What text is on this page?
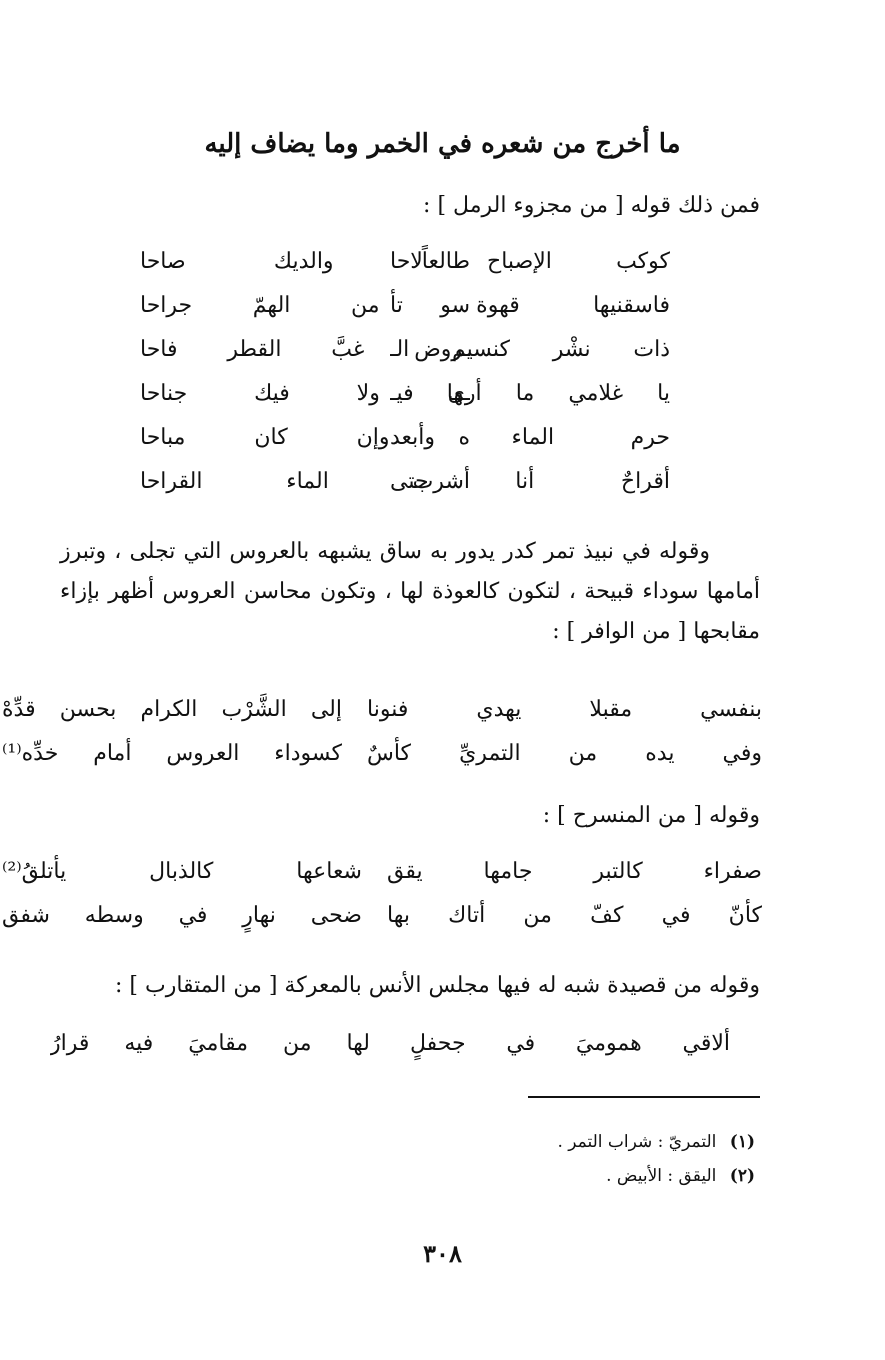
ما أخرج من شعره في الخمر وما يضاف إليه

فمن ذلك قوله [ من مجزوء الرمل ] :

كوكب الإصباح لاحا
طالعاً والديك صاحا
فاسقنيها قهوة تأ
سو من الهمّ جراحا
ذات نشْر كنسيم الـ
ـروض غبَّ القطر فاحا
يا غلامي ما أرى فيـ
ـها ولا فيك جناحا
حرم الماء وأبعد
ه وإن كان مباحا
أقراحٌ أنا حتى
أشرب الماء القراحا

وقوله في نبيذ تمر كدر يدور به ساق يشبهه بالعروس التي تجلى ، وتبرز أمامها سوداء قبيحة ، لتكون كالعوذة لها ، وتكون محاسن العروس أظهر بإزاء مقابحها [ من الوافر ] :

بنفسي مقبلا يهدي فنونا
إلى الشَّرْب الكرام بحسن قدِّهْ
وفي يده من التمريِّ كأسٌ
كسوداء العروس أمام خدِّه⁽¹⁾

وقوله [ من المنسرح ] :

صفراء كالتبر جامها يقق
شعاعها كالذبال يأتلقُ⁽²⁾
كأنّ في كفّ من أتاك بها
ضحى نهارٍ في وسطه شفق

وقوله من قصيدة شبه له فيها مجلس الأنس بالمعركة [ من المتقارب ] :

ألاقي هموميَ في جحفلٍ
لها من مقاميَ فيه قرارُ
(١) التمريّ : شراب التمر .
(٢) اليقق : الأبيض .
٣٠٨
